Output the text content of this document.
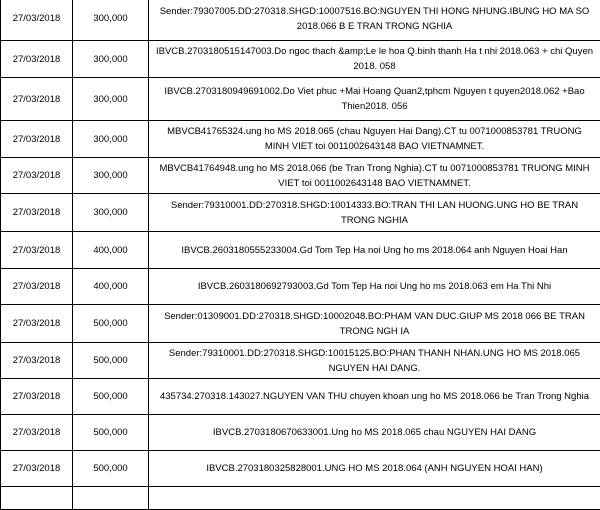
27/03/2018	300,000	Sender:79307005.DD:270318.SHGD:10007516.BO:NGUYEN THI HONG NHUNG.IBUNG HO MA SO 2018.066 B E TRAN TRONG NGHIA
27/03/2018	300,000	IBVCB.2703180515147003.Do ngoc thach &amp;Le le hoa Q.binh thanh Ha t nhi 2018.063 + chi Quyen 2018. 058
27/03/2018	300,000	IBVCB.2703180949691002.Do Viet phuc +Mai Hoang Quan2,tphcm Nguyen t quyen2018.062 +Bao Thien2018. 056
27/03/2018	300,000	MBVCB41765324.ung ho MS 2018.065 (chau Nguyen Hai Dang).CT tu 0071000853781 TRUONG MINH VIET toi 0011002643148 BAO VIETNAMNET.
27/03/2018	300,000	MBVCB41764948.ung ho MS 2018.066 (be Tran Trong Nghia).CT tu 0071000853781 TRUONG MINH VIET toi 0011002643148 BAO VIETNAMNET.
27/03/2018	300,000	Sender:79310001.DD:270318.SHGD:10014333.BO:TRAN THI LAN HUONG.UNG HO BE TRAN TRONG NGHIA
27/03/2018	400,000	IBVCB.2603180555233004.Gd Tom Tep Ha noi Ung ho ms 2018.064 anh Nguyen Hoai Han
27/03/2018	400,000	IBVCB.2603180692793003.Gd Tom Tep Ha noi Ung ho ms 2018.063 em Ha Thi Nhi
27/03/2018	500,000	Sender:01309001.DD:270318.SHGD:10002048.BO:PHAM VAN DUC.GIUP MS 2018 066 BE TRAN TRONG NGH IA
27/03/2018	500,000	Sender:79310001.DD:270318.SHGD:10015125.BO:PHAN THANH NHAN.UNG HO MS 2018.065 NGUYEN HAI DANG.
27/03/2018	500,000	435734.270318.143027.NGUYEN VAN THU chuyen khoan ung ho MS 2018.066 be Tran Trong Nghia
27/03/2018	500,000	IBVCB.2703180670633001.Ung ho MS 2018.065 chau NGUYEN HAI DANG
27/03/2018	500,000	IBVCB.2703180325828001.UNG HO MS 2018.064 (ANH NGUYEN HOAI HAN)
